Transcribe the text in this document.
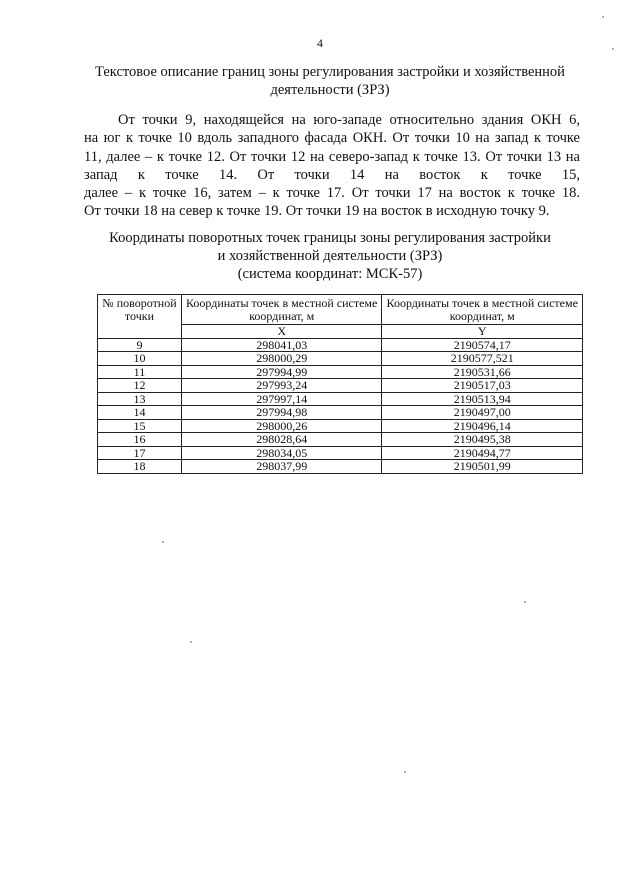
4
Текстовое описание границ зоны регулирования застройки и хозяйственной деятельности (ЗРЗ)
От точки 9, находящейся на юго-западе относительно здания ОКН 6,
на юг к точке 10 вдоль западного фасада ОКН. От точки 10 на запад к точке
11, далее – к точке 12. От точки 12 на северо-запад к точке 13. От точки 13 на
запад к точке 14. От точки 14 на восток к точке 15,
далее – к точке 16, затем – к точке 17. От точки 17 на восток к точке 18.
От точки 18 на север к точке 19. От точки 19 на восток в исходную точку 9.
Координаты поворотных точек границы зоны регулирования застройки
и хозяйственной деятельности (ЗРЗ)
(система координат: МСК-57)
№ поворотной точки	Координаты точек в местной системе координат, м	Координаты точек в местной системе координат, м
	X	Y
9	298041,03	2190574,17
10	298000,29	2190577,521
11	297994,99	2190531,66
12	297993,24	2190517,03
13	297997,14	2190513,94
14	297994,98	2190497,00
15	298000,26	2190496,14
16	298028,64	2190495,38
17	298034,05	2190494,77
18	298037,99	2190501,99
